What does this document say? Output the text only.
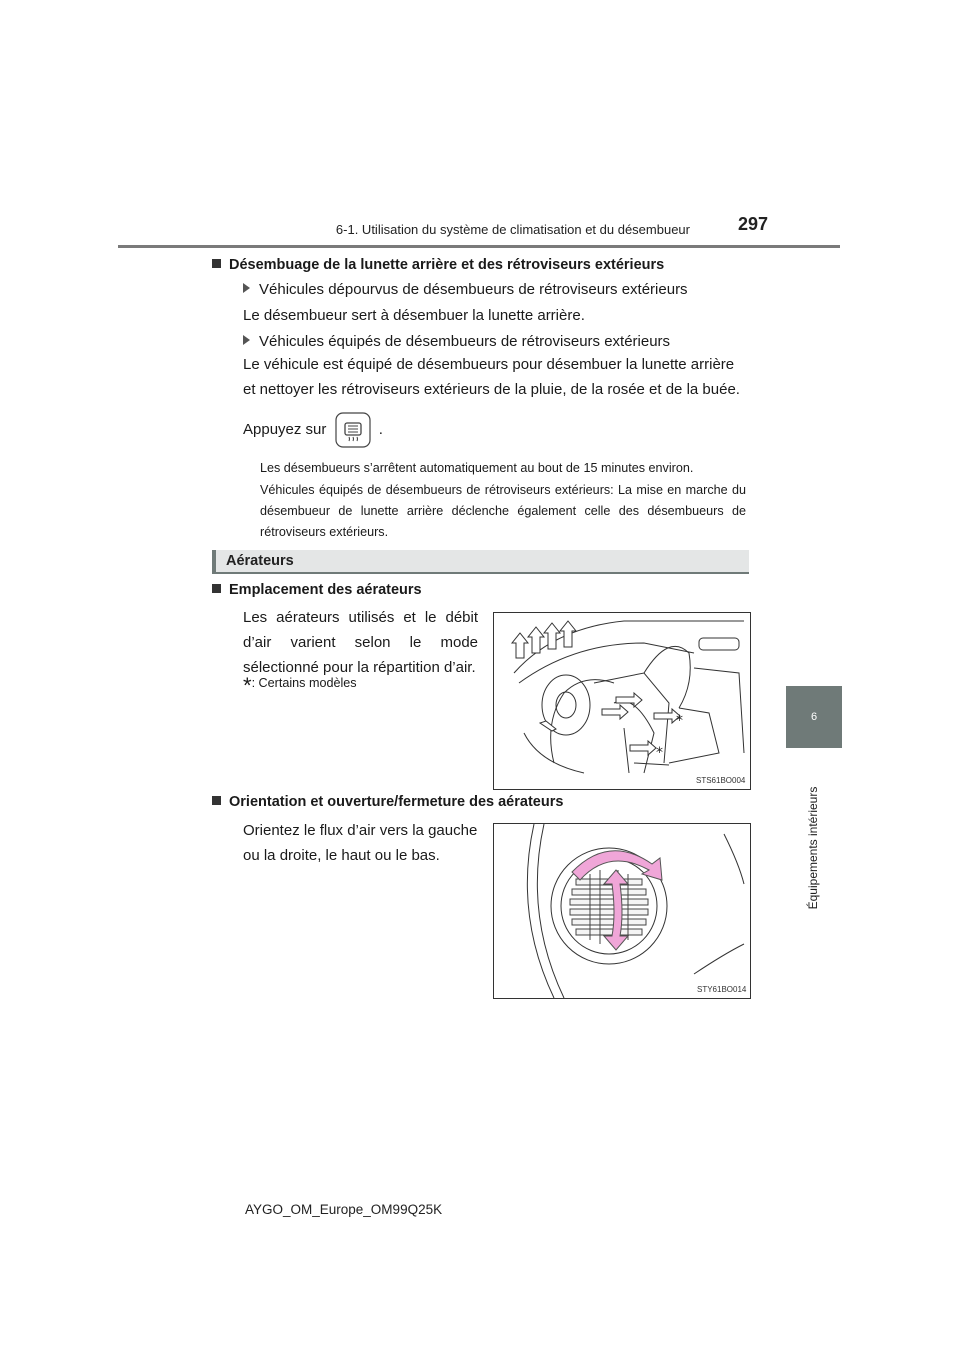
6-1. Utilisation du système de climatisation et du désembueur	297
6
Équipements intérieurs
Désembuage de la lunette arrière et des rétroviseurs extérieurs
Véhicules dépourvus de désembueurs de rétroviseurs extérieurs
Le désembueur sert à désembuer la lunette arrière.
Véhicules équipés de désembueurs de rétroviseurs extérieurs
Le véhicule est équipé de désembueurs pour désembuer la lunette arrière
et nettoyer les rétroviseurs extérieurs de la pluie, de la rosée et de la buée.
Appuyez sur	.
Les désembueurs s’arrêtent automatiquement au bout de 15 minutes environ.
Véhicules équipés de désembueurs de rétroviseurs extérieurs: La mise en marche du désembueur de lunette arrière déclenche également celle des désembueurs de rétroviseurs extérieurs.
Aérateurs
Emplacement des aérateurs
Les aérateurs utilisés et le débit d’air varient selon le mode sélectionné pour la répartition d’air.
*: Certains modèles
*
*
STS61BO004
Orientation et ouverture/fermeture des aérateurs
Orientez le flux d’air vers la gauche
ou la droite, le haut ou le bas.
STY61BO014
AYGO_OM_Europe_OM99Q25K
